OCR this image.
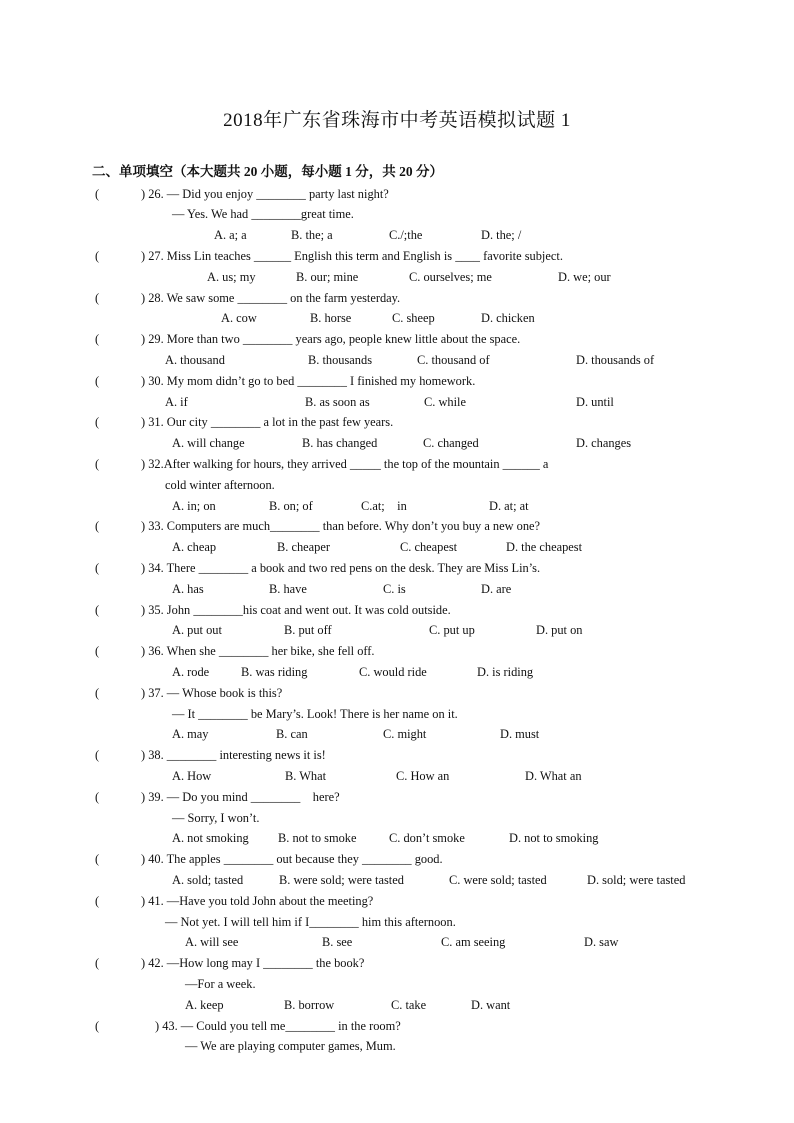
2018年广东省珠海市中考英语模拟试题 1
二、单项填空（本大题共 20 小题，每小题 1 分，共 20 分）
(	) 26. — Did you enjoy ________ party last night?
— Yes. We had ________great time.
A. a; a	B. the; a	C./;the	D. the; /
(	) 27. Miss Lin teaches ______ English this term and English is ____ favorite subject.
A. us; my	B. our; mine	C. ourselves; me	D. we; our
(	) 28. We saw some ________ on the farm yesterday.
A. cow	B. horse	C. sheep	D. chicken
(	) 29. More than two ________ years ago, people knew little about the space.
A. thousand	B. thousands	C. thousand of	D. thousands of
(	) 30. My mom didn’t go to bed ________ I finished my homework.
A. if	B. as soon as	C. while	D. until
(	) 31. Our city ________ a lot in the past few years.
A. will change	B. has changed	C. changed	D. changes
(	) 32.After walking for hours, they arrived _____ the top of the mountain ______ a
cold winter afternoon.
A. in; on	B. on; of	C.at;    in	D. at; at
(	) 33. Computers are much________ than before. Why don’t you buy a new one?
A. cheap	B. cheaper	C. cheapest	D. the cheapest
(	) 34. There ________ a book and two red pens on the desk. They are Miss Lin’s.
A. has	B. have	C. is	D. are
(	) 35. John ________his coat and went out. It was cold outside.
A. put out	B. put off	C. put up	D. put on
(	) 36. When she ________ her bike, she fell off.
A. rode	B. was riding	C. would ride	D. is riding
(	) 37. — Whose book is this?
— It ________ be Mary’s. Look! There is her name on it.
A. may	B. can	C. might	D. must
(	) 38. ________ interesting news it is!
A. How	B. What	C. How an	D. What an
(	) 39. — Do you mind ________    here?
— Sorry, I won’t.
A. not smoking B. not to smoke	C. don’t smoke	D. not to smoking
(	) 40. The apples ________ out because they ________ good.
A. sold; tasted	B. were sold; were tasted	C. were sold; tasted	D. sold; were tasted
(	) 41. —Have you told John about the meeting?
— Not yet. I will tell him if I________ him this afternoon.
A. will see	B. see	C. am seeing	D. saw
(	) 42. —How long may I ________ the book?
—For a week.
A. keep	B. borrow	C. take	D. want
(	) 43. — Could you tell me________ in the room?
— We are playing computer games, Mum.
